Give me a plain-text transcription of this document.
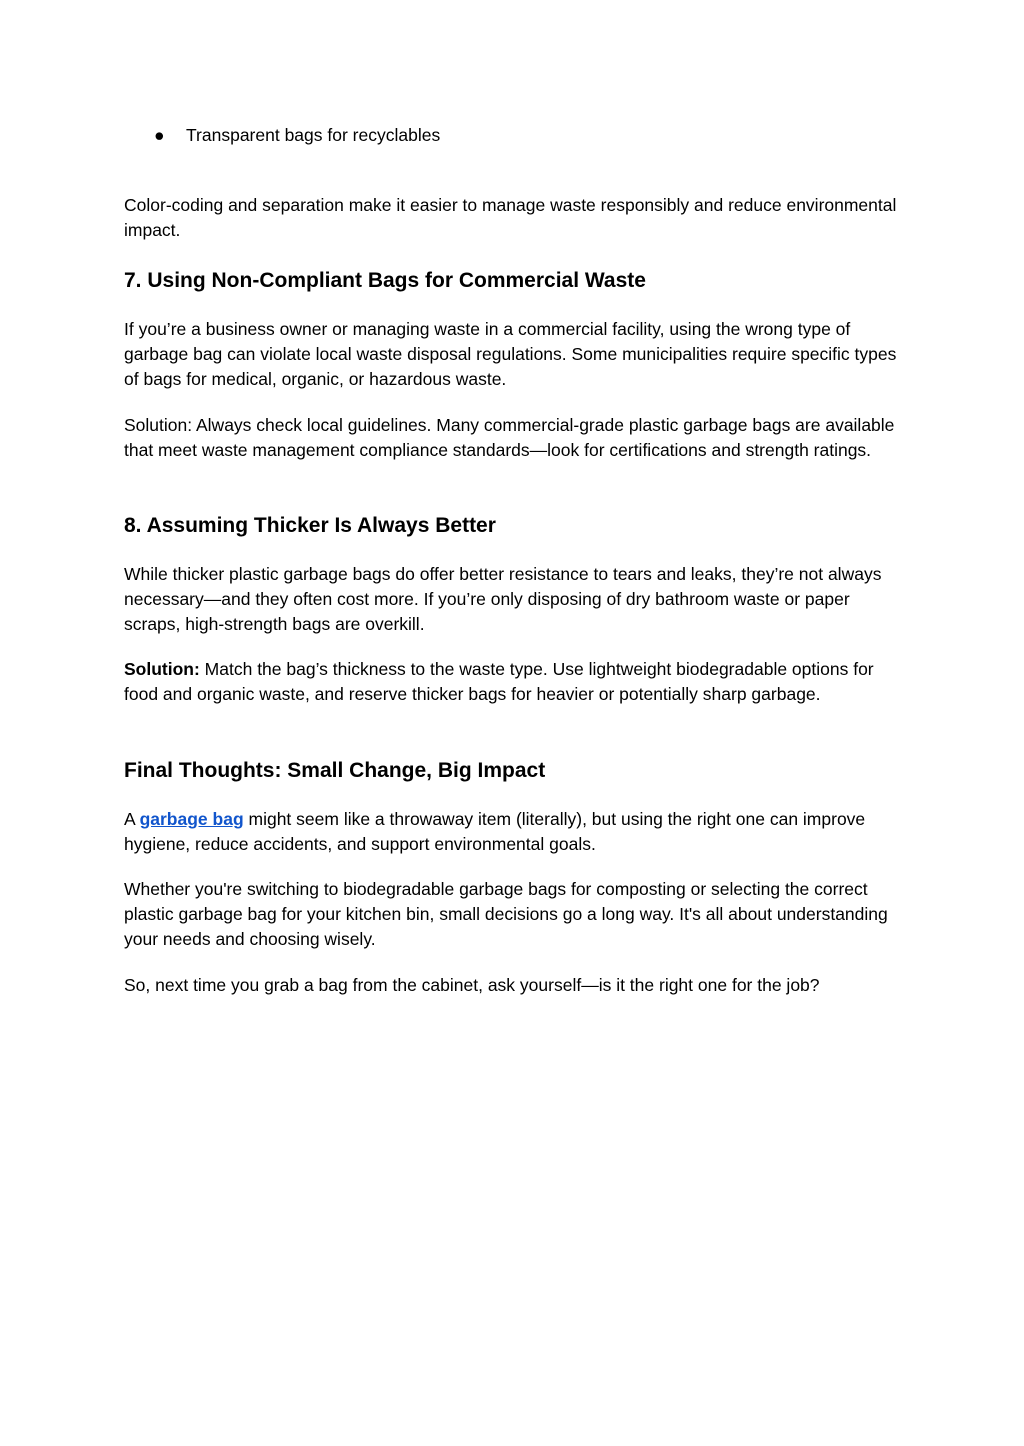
● Transparent bags for recyclables

Color-coding and separation make it easier to manage waste responsibly and reduce environmental impact.

7. Using Non-Compliant Bags for Commercial Waste

If you’re a business owner or managing waste in a commercial facility, using the wrong type of garbage bag can violate local waste disposal regulations. Some municipalities require specific types of bags for medical, organic, or hazardous waste.

Solution: Always check local guidelines. Many commercial-grade plastic garbage bags are available that meet waste management compliance standards—look for certifications and strength ratings.

8. Assuming Thicker Is Always Better

While thicker plastic garbage bags do offer better resistance to tears and leaks, they’re not always necessary—and they often cost more. If you’re only disposing of dry bathroom waste or paper scraps, high-strength bags are overkill.

Solution: Match the bag’s thickness to the waste type. Use lightweight biodegradable options for food and organic waste, and reserve thicker bags for heavier or potentially sharp garbage.

Final Thoughts: Small Change, Big Impact

A garbage bag might seem like a throwaway item (literally), but using the right one can improve hygiene, reduce accidents, and support environmental goals.

Whether you're switching to biodegradable garbage bags for composting or selecting the correct plastic garbage bag for your kitchen bin, small decisions go a long way. It's all about understanding your needs and choosing wisely.

So, next time you grab a bag from the cabinet, ask yourself—is it the right one for the job?
